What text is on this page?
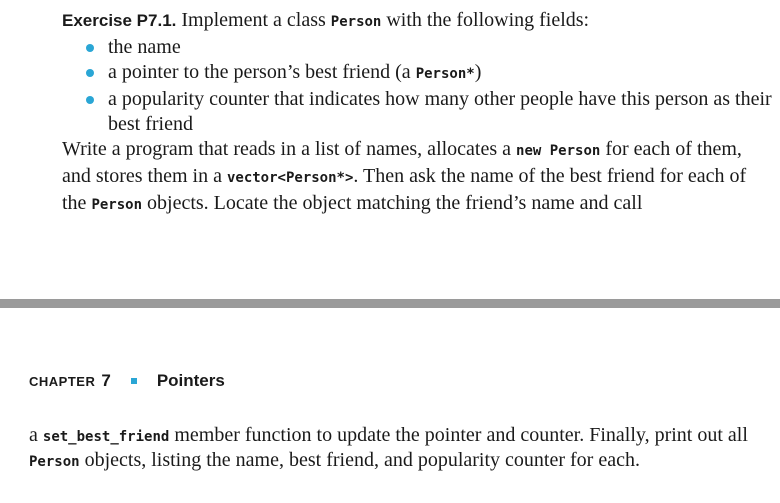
Exercise P7.1. Implement a class Person with the following fields:
the name
a pointer to the person’s best friend (a Person*)
a popularity counter that indicates how many other people have this person as their best friend

Write a program that reads in a list of names, allocates a new Person for each of them, and stores them in a vector<Person*>. Then ask the name of the best friend for each of the Person objects. Locate the object matching the friend’s name and call

CHAPTER 7	Pointers
a set_best_friend member function to update the pointer and counter. Finally, print out all Person objects, listing the name, best friend, and popularity counter for each.
